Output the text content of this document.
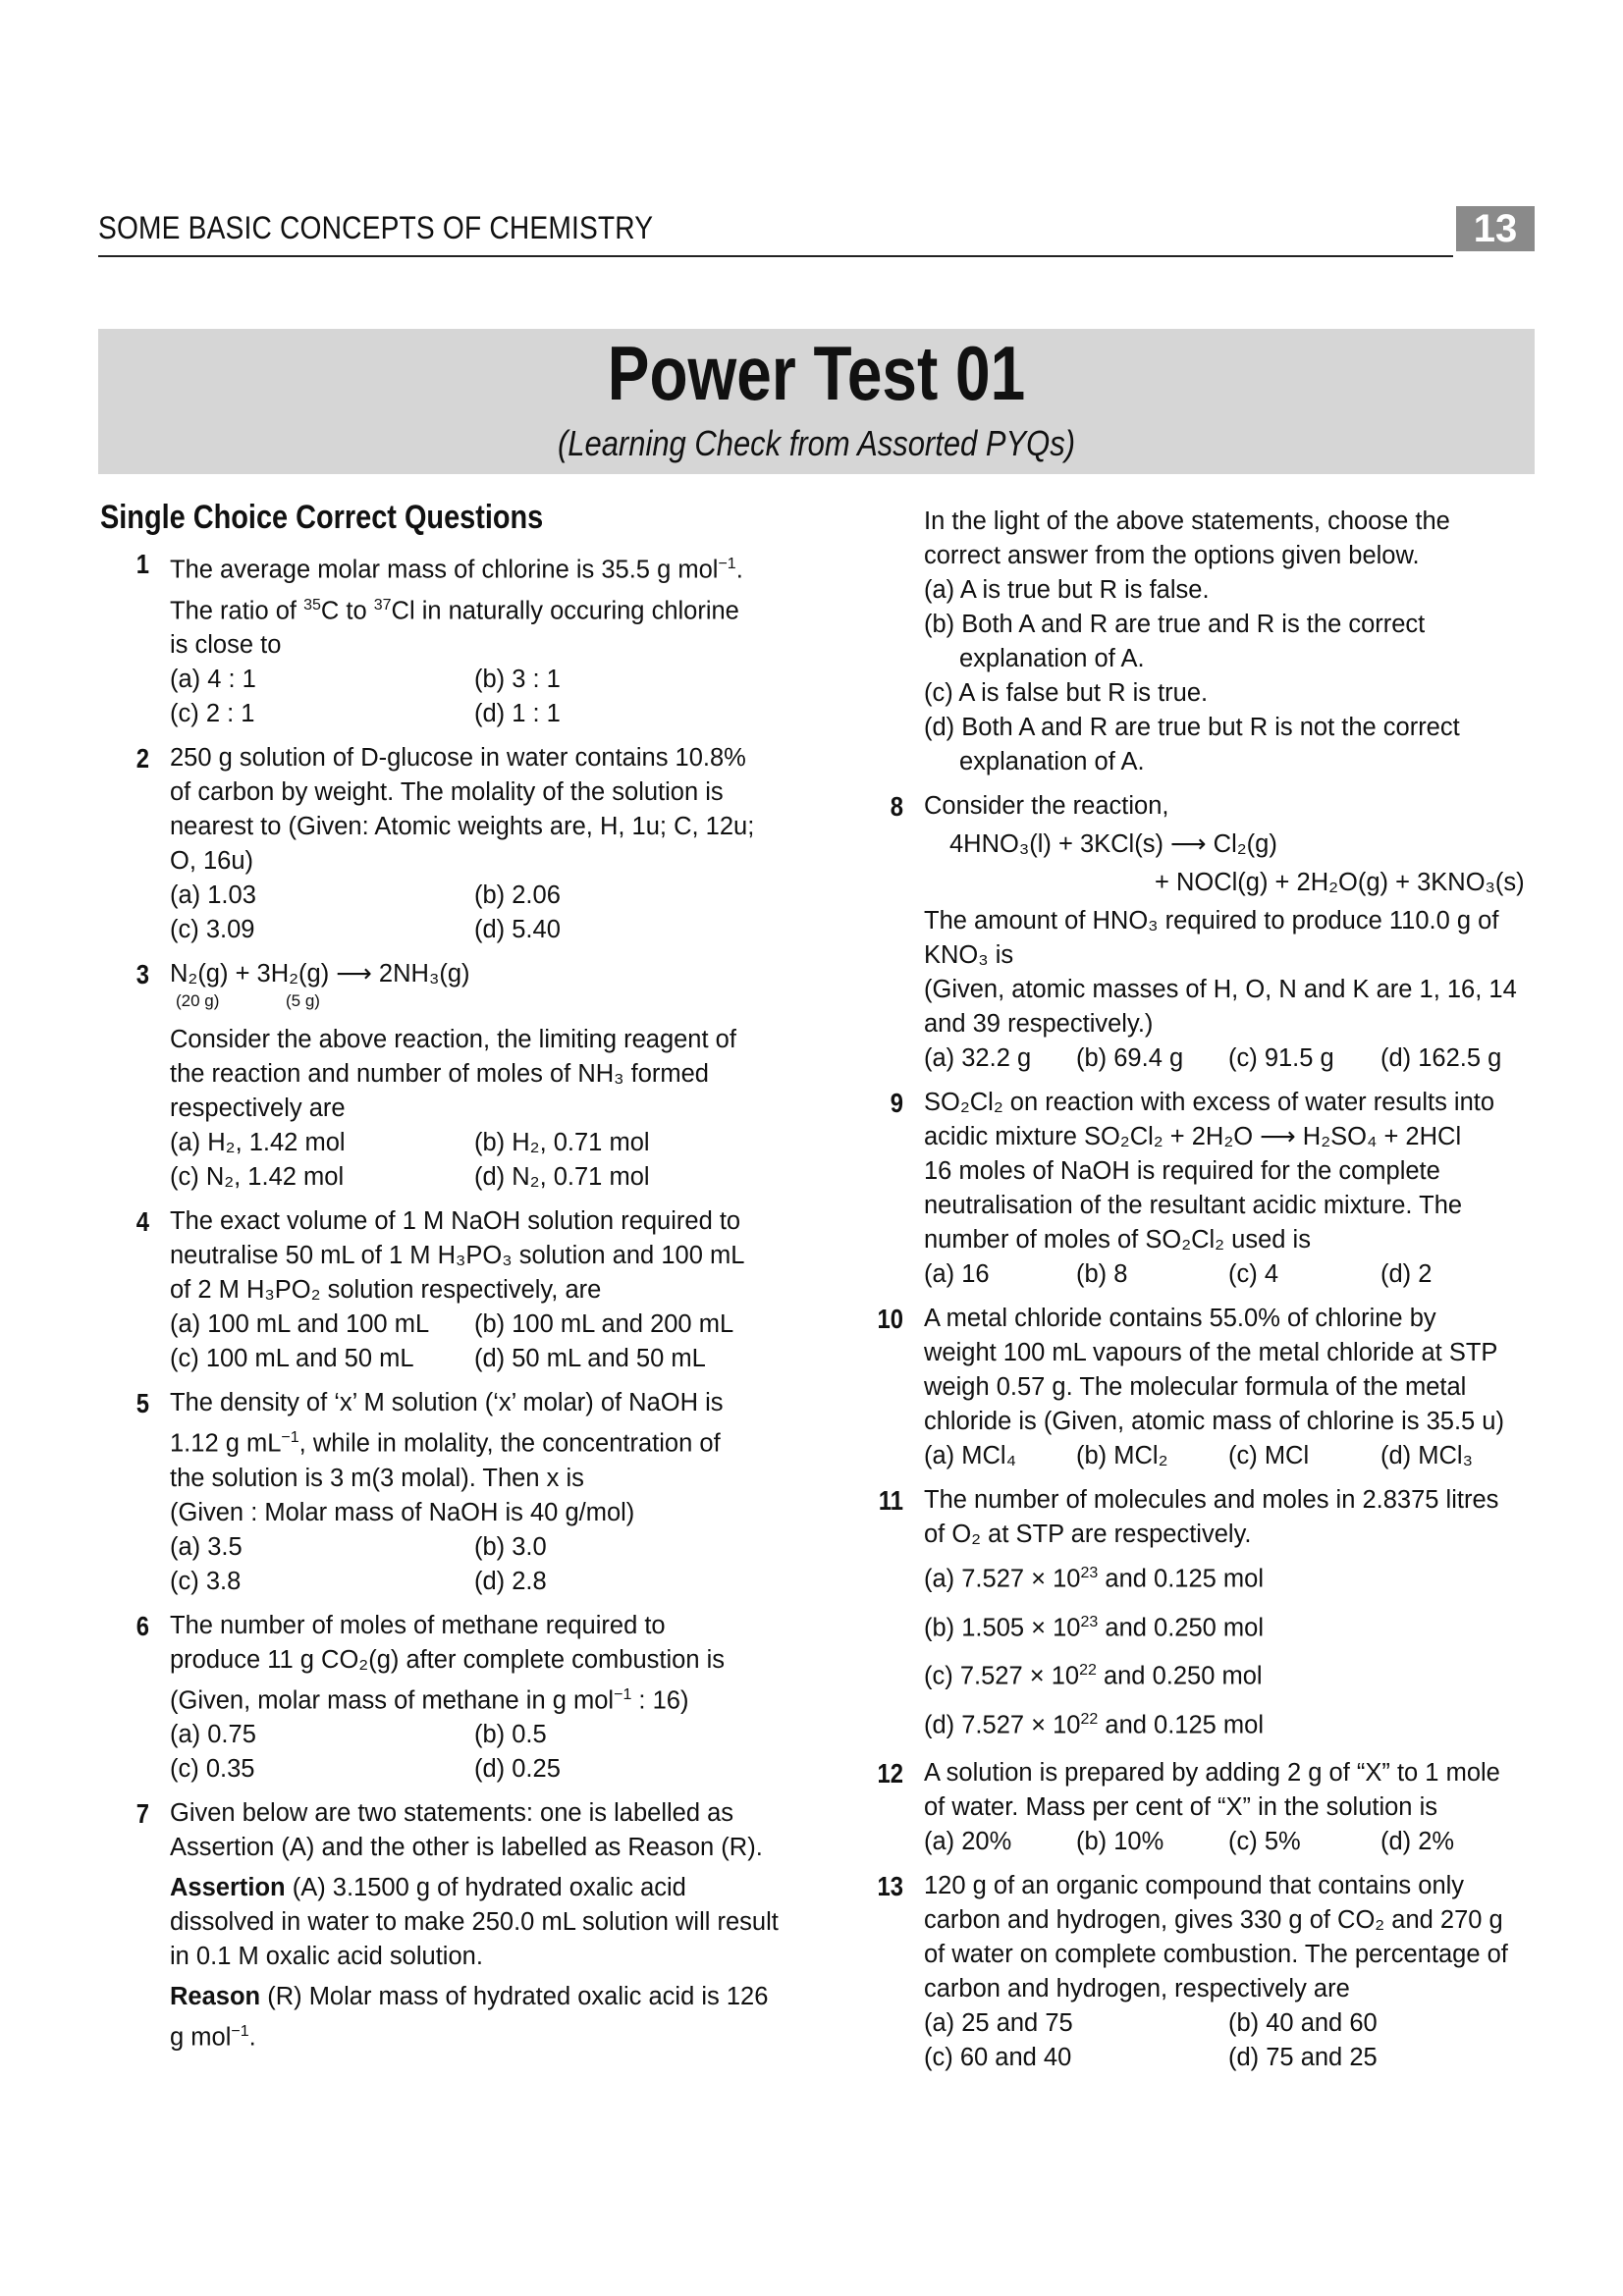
SOME BASIC CONCEPTS OF CHEMISTRY	13
Power Test 01
(Learning Check from Assorted PYQs)
Single Choice Correct Questions
1 The average molar mass of chlorine is 35.5 g mol$^{-1}$.
The ratio of $^{35}$C to $^{37}$Cl in naturally occuring chlorine
is close to
(a) 4 : 1	(b) 3 : 1
(c) 2 : 1	(d) 1 : 1
2 250 g solution of D-glucose in water contains 10.8%
of carbon by weight. The molality of the solution is
nearest to (Given: Atomic weights are, H, 1u; C, 12u;
O, 16u)
(a) 1.03	(b) 2.06
(c) 3.09	(d) 5.40
3 N₂(g) + 3H₂(g) ⟶ 2NH₃(g)
(20 g)	(5 g)
Consider the above reaction, the limiting reagent of
the reaction and number of moles of NH₃ formed
respectively are
(a) H₂, 1.42 mol	(b) H₂, 0.71 mol
(c) N₂, 1.42 mol	(d) N₂, 0.71 mol
4 The exact volume of 1 M NaOH solution required to
neutralise 50 mL of 1 M H₃PO₃ solution and 100 mL
of 2 M H₃PO₂ solution respectively, are
(a) 100 mL and 100 mL	(b) 100 mL and 200 mL
(c) 100 mL and 50 mL	(d) 50 mL and 50 mL
5 The density of ‘x’ M solution (‘x’ molar) of NaOH is
1.12 g $mL^{-1}$, while in molality, the concentration of
the solution is 3 m(3 molal). Then x is
(Given : Molar mass of NaOH is 40 g/mol)
(a) 3.5	(b) 3.0
(c) 3.8	(d) 2.8
6 The number of moles of methane required to
produce 11 g CO₂(g) after complete combustion is
(Given, molar mass of methane in g mol$^{-1}$ : 16)
(a) 0.75	(b) 0.5
(c) 0.35	(d) 0.25
7 Given below are two statements: one is labelled as
Assertion (A) and the other is labelled as Reason (R).
Assertion (A) 3.1500 g of hydrated oxalic acid dissolved in water to make 250.0 mL solution will result in 0.1 M oxalic acid solution.
Reason (R) Molar mass of hydrated oxalic acid is 126 g mol$^{-1}$.
In the light of the above statements, choose the
correct answer from the options given below.
(a) A is true but R is false.
(b) Both A and R are true and R is the correct explanation of A.
(c) A is false but R is true.
(d) Both A and R are true but R is not the correct explanation of A.
8 Consider the reaction,
4HNO₃(l) + 3KCl(s) ⟶ Cl₂(g)
+ NOCl(g) + 2H₂O(g) + 3KNO₃(s)
The amount of HNO₃ required to produce 110.0 g of
KNO₃ is
(Given, atomic masses of H, O, N and K are 1, 16, 14
and 39 respectively.)
(a) 32.2 g	(b) 69.4 g	(c) 91.5 g	(d) 162.5 g
9 SO₂Cl₂ on reaction with excess of water results into
acidic mixture SO₂Cl₂ + 2H₂O ⟶ H₂SO₄ + 2HCl
16 moles of NaOH is required for the complete
neutralisation of the resultant acidic mixture. The
number of moles of SO₂Cl₂ used is
(a) 16	(b) 8	(c) 4	(d) 2
10 A metal chloride contains 55.0% of chlorine by
weight 100 mL vapours of the metal chloride at STP
weigh 0.57 g. The molecular formula of the metal
chloride is (Given, atomic mass of chlorine is 35.5 u)
(a) MCl₄	(b) MCl₂	(c) MCl	(d) MCl₃
11 The number of molecules and moles in 2.8375 litres
of O₂ at STP are respectively.
(a) $7.527 \times 10^{23}$ and 0.125 mol
(b) $1.505 \times 10^{23}$ and 0.250 mol
(c) $7.527 \times 10^{22}$ and 0.250 mol
(d) $7.527 \times 10^{22}$ and 0.125 mol
12 A solution is prepared by adding 2 g of “X” to 1 mole
of water. Mass per cent of “X” in the solution is
(a) 20%	(b) 10%	(c) 5%	(d) 2%
13 120 g of an organic compound that contains only
carbon and hydrogen, gives 330 g of CO₂ and 270 g
of water on complete combustion. The percentage of
carbon and hydrogen, respectively are
(a) 25 and 75	(b) 40 and 60
(c) 60 and 40	(d) 75 and 25
